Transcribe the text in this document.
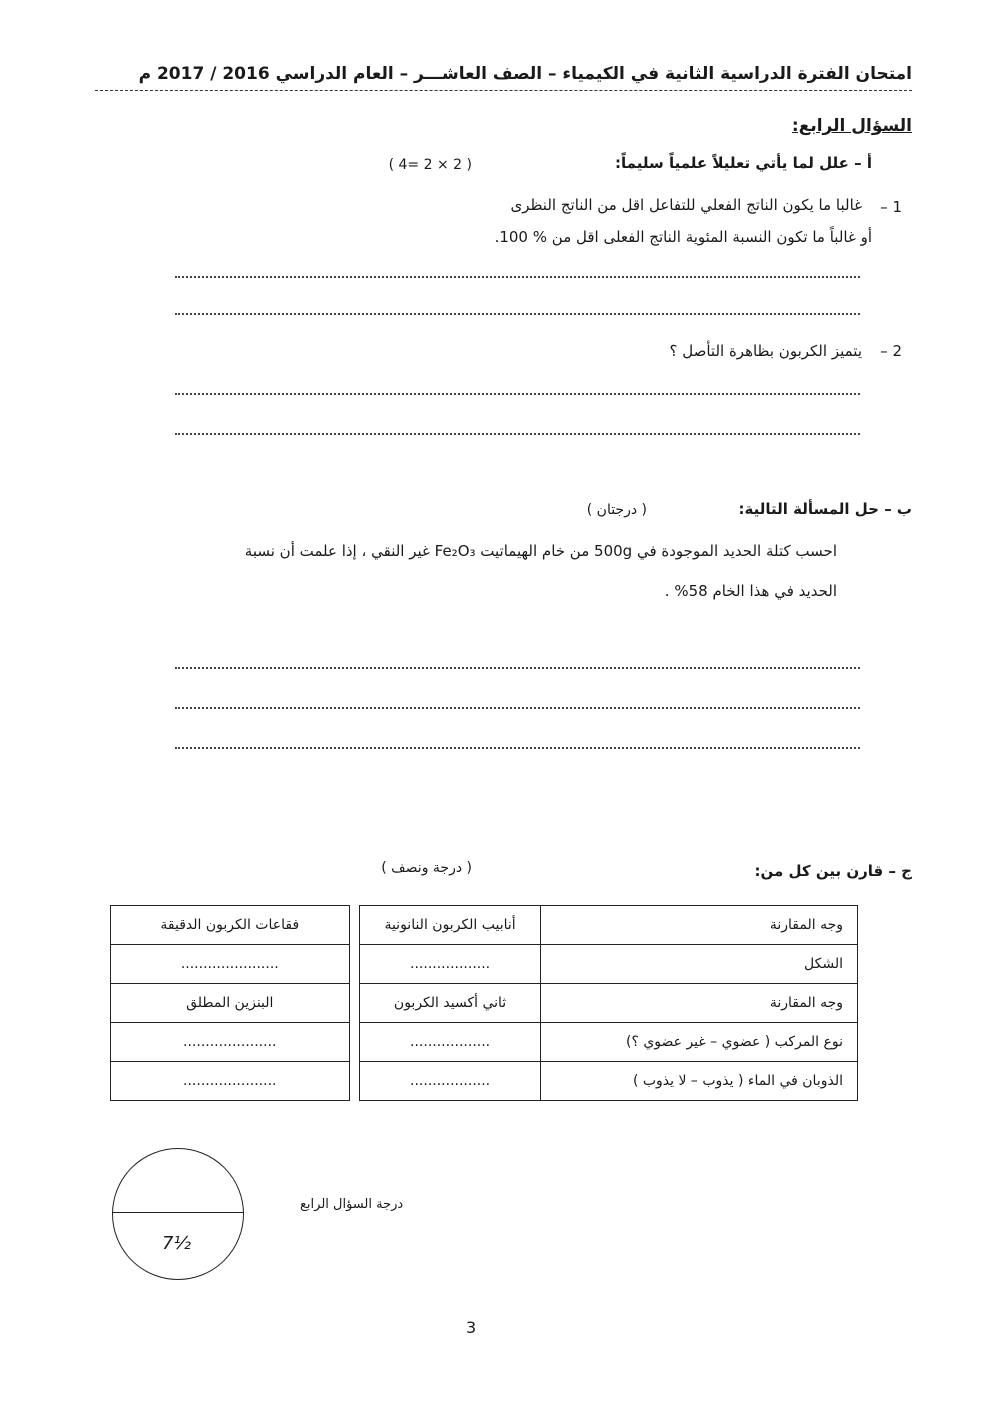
امتحان الفترة الدراسية الثانية في الكيمياء – الصف العاشـــر – العام الدراسي 2016 / 2017 م
السؤال الرابع:
أ – علل لما يأتي تعليلاً علمياً سليماً:
( 2 × 2 =4 )
1 –
غالبا ما يكون الناتج الفعلي للتفاعل اقل من الناتج النظرى
أو غالباً ما تكون النسبة المئوية الناتج الفعلى اقل من % 100.
2 –
يتميز الكربون بظاهرة التأصل ؟
ب – حل المسألة التالية:
( درجتان )
احسب كتلة الحديد الموجودة في 500g من خام الهيماتيت Fe₂O₃ غير النقي ، إذا علمت أن نسبة
الحديد في هذا الخام 58% .
ج – قارن بين كل من:
( درجة ونصف )
وجه المقارنة	أنابيب الكربون النانونية		فقاعات الكربون الدقيقة
الشكل	..................		......................
وجه المقارنة	ثاني أكسيد الكربون		البنزين المطلق
نوع المركب ( عضوي – غير عضوي ؟)	..................		.....................
الذوبان في الماء ( يذوب – لا يذوب )	..................		.....................
7½
درجة السؤال الرابع
3
